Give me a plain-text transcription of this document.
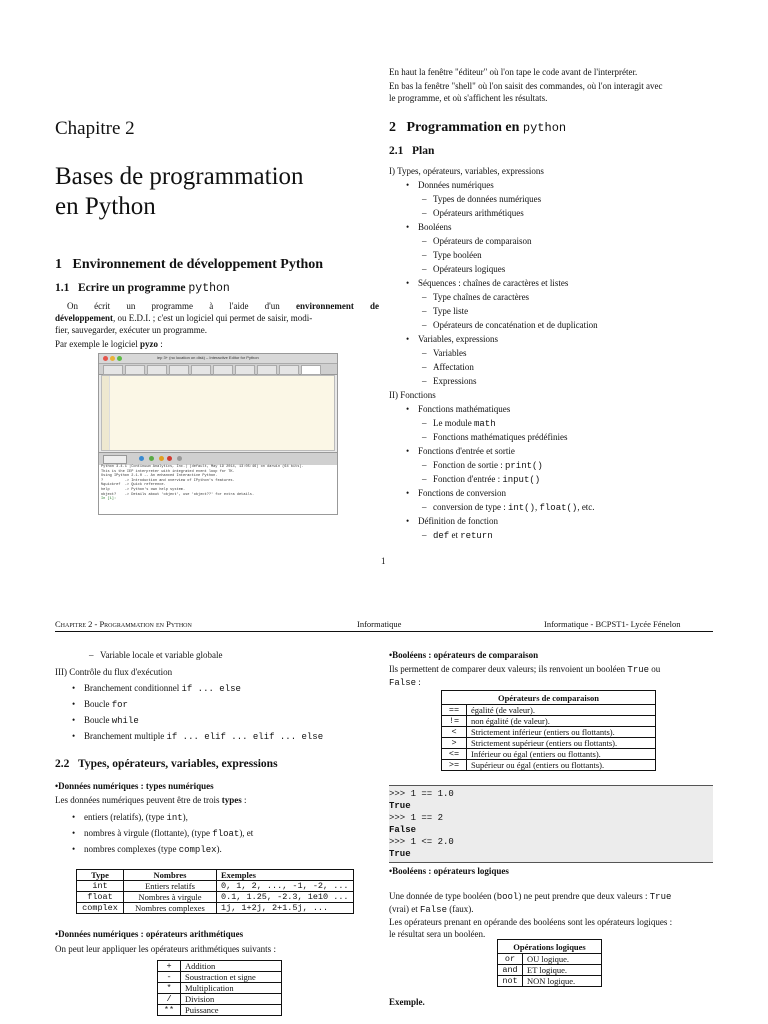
En haut la fenêtre "éditeur" où l'on tape le code avant de l'interpréter.
En bas la fenêtre "shell" où l'on saisit des commandes, où l'on interagit avec
le programme, et où s'affichent les résultats.
Chapitre 2
Bases de programmation
en Python
1 Environnement de développement Python
1.1 Ecrire un programme python
On écrit un programme à l'aide d'un environnement de
développement, ou E.D.I. ; c'est un logiciel qui permet de saisir, modi-
fier, sauvegarder, exécuter un programme.
Par exemple le logiciel pyzo :
iep 3+ (no location on disk) – Interactive Editor for Python
Python 3.4.1 |Continuum Analytics, Inc.| (default, May 19 2014, 13:05:46) on darwin (64 bits).
This is the IEP interpreter with integrated event loop for TK.
Using IPython 2.1.0 -- An enhanced Interactive Python.
?          -> Introduction and overview of IPython's features.
%quickref  -> Quick reference.
help       -> Python's own help system.
object?    -> Details about 'object', use 'object??' for extra details.
In [1]:
2 Programmation en python
2.1 Plan
I) Types, opérateurs, variables, expressions
II) Fonctions
• Fonctions mathématiques
– Le module math
– Fonctions mathématiques prédéfinies
• Fonctions d'entrée et sortie
– Fonction de sortie : print()
– Fonction d'entrée : input()
• Fonctions de conversion
– conversion de type : int(), float(), etc.
• Définition de fonction
– def et return
• Données numériques
– Types de données numériques
– Opérateurs arithmétiques
• Booléens
– Opérateurs de comparaison
– Type booléen
– Opérateurs logiques
• Séquences : chaînes de caractères et listes
– Type chaînes de caractères
– Type liste
– Opérateurs de concaténation et de duplication
• Variables, expressions
– Variables
– Affectation
– Expressions
1
Chapitre 2 - Programmation en Python	Informatique	Informatique - BCPST1- Lycée Fénelon
– Variable locale et variable globale
III) Contrôle du flux d'exécution
• Branchement conditionnel if ... else
• Boucle for
• Boucle while
• Branchement multiple if ... elif ... elif ... else
2.2 Types, opérateurs, variables, expressions
•Données numériques : types numériques
Les données numériques peuvent être de trois types :
• entiers (relatifs), (type int),
• nombres à virgule (flottante), (type float), et
• nombres complexes (type complex).
Type	Nombres	Exemples
int	Entiers relatifs	0, 1, 2, ..., -1, -2, ...
float	Nombres à virgule	0.1, 1.25, -2.3, 1e10 ...
complex	Nombres complexes	1j, 1+2j, 2+1.5j, ...
•Données numériques : opérateurs arithmétiques
On peut leur appliquer les opérateurs arithmétiques suivants :
+	Addition
-	Soustraction et signe
*	Multiplication
/	Division
**	Puissance
•Booléens : opérateurs de comparaison
Ils permettent de comparer deux valeurs; ils renvoient un booléen True ou
False :
Opérateurs de comparaison	
==	égalité (de valeur).
!=	non égalité (de valeur).
<	Strictement inférieur (entiers ou flottants).
>	Strictement supérieur (entiers ou flottants).
<=	Inférieur ou égal (entiers ou flottants).
>=	Supérieur ou égal (entiers ou flottants).
>>> 1 == 1.0
True
>>> 1 == 2
False
>>> 1 <= 2.0
True
•Booléens : opérateurs logiques
Une donnée de type booléen (bool) ne peut prendre que deux valeurs : True
(vrai) et False (faux).
Les opérateurs prenant en opérande des booléens sont les opérateurs logiques :
le résultat sera un booléen.
Opérations logiques	
or	OU logique.
and	ET logique.
not	NON logique.
Exemple.
